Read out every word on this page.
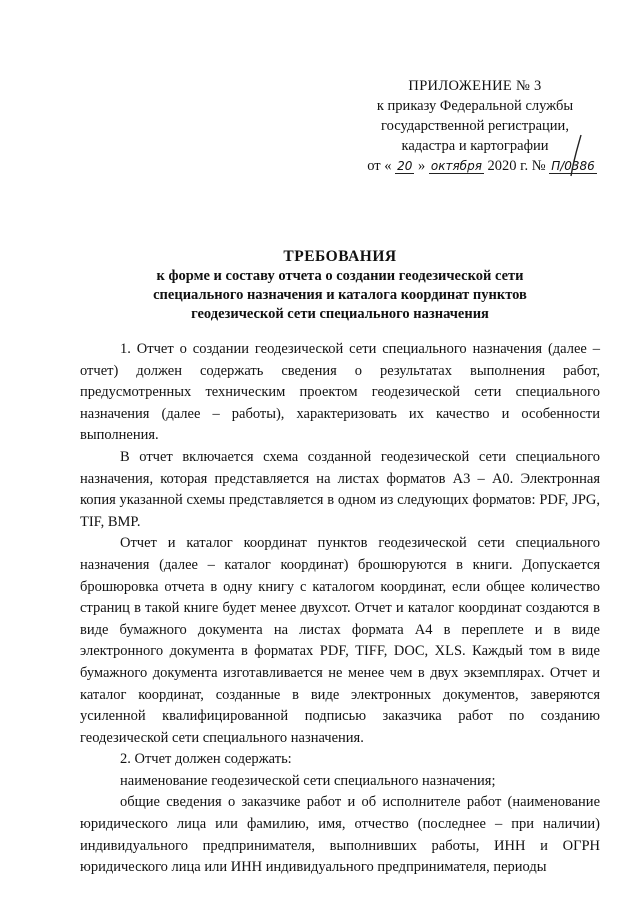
ПРИЛОЖЕНИЕ № 3
к приказу Федеральной службы
государственной регистрации,
кадастра и картографии
от « 20 » октября 2020 г. № П/0386
ТРЕБОВАНИЯ
к форме и составу отчета о создании геодезической сети
специального назначения и каталога координат пунктов
геодезической сети специального назначения

1. Отчет о создании геодезической сети специального назначения (далее – отчет) должен содержать сведения о результатах выполнения работ, предусмотренных техническим проектом геодезической сети специального назначения (далее – работы), характеризовать их качество и особенности выполнения.

В отчет включается схема созданной геодезической сети специального назначения, которая представляется на листах форматов А3 – А0. Электронная копия указанной схемы представляется в одном из следующих форматов: PDF, JPG, TIF, BMP.

Отчет и каталог координат пунктов геодезической сети специального назначения (далее – каталог координат) брошюруются в книги. Допускается брошюровка отчета в одну книгу с каталогом координат, если общее количество страниц в такой книге будет менее двухсот. Отчет и каталог координат создаются в виде бумажного документа на листах формата А4 в переплете и в виде электронного документа в форматах PDF, TIFF, DOC, XLS. Каждый том в виде бумажного документа изготавливается не менее чем в двух экземплярах. Отчет и каталог координат, созданные в виде электронных документов, заверяются усиленной квалифицированной подписью заказчика работ по созданию геодезической сети специального назначения.

2. Отчет должен содержать:

наименование геодезической сети специального назначения;

общие сведения о заказчике работ и об исполнителе работ (наименование юридического лица или фамилию, имя, отчество (последнее – при наличии) индивидуального предпринимателя, выполнивших работы, ИНН и ОГРН юридического лица или ИНН индивидуального предпринимателя, периоды
